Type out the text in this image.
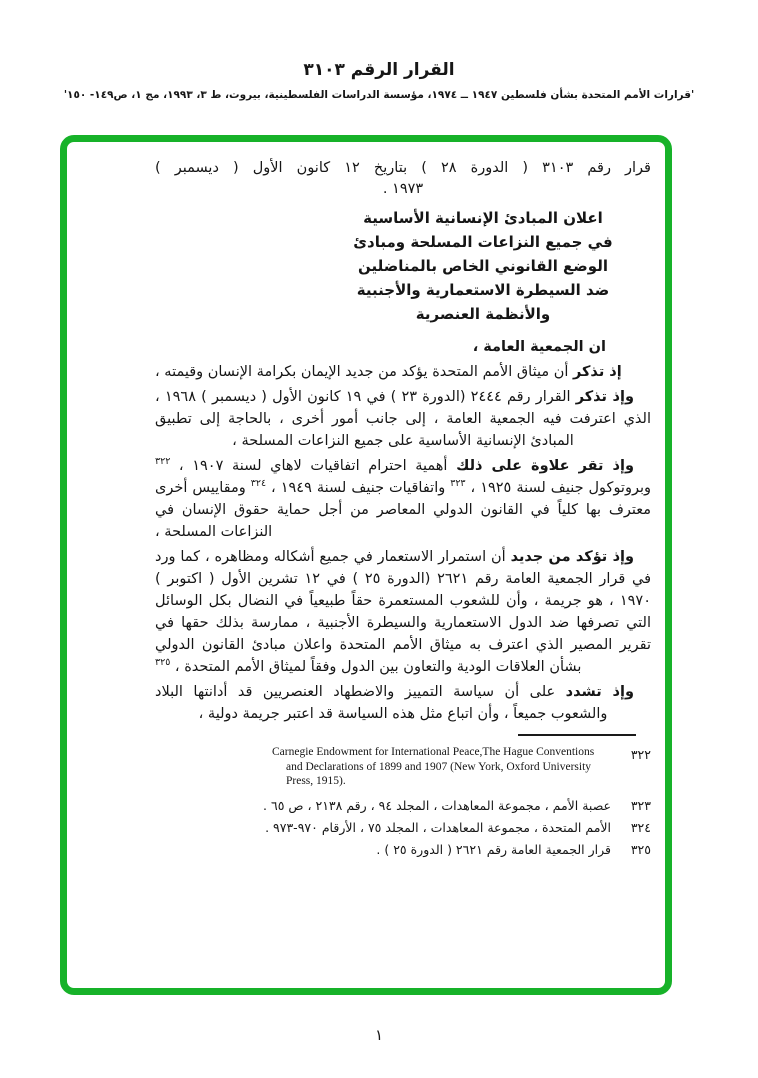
القرار الرقم ٣١٠٣
'قرارات الأمم المتحدة بشأن فلسطين ١٩٤٧ ــ ١٩٧٤، مؤسسة الدراسات الفلسطينية، بيروت، ط ٣، ١٩٩٣، مج ١، ص١٤٩- ١٥٠'
قرار رقم ٣١٠٣ ( الدورة ٢٨ ) بتاريخ ١٢ كانون الأول ( ديسمبر )
١٩٧٣ .
اعلان المبادئ الإنسانية الأساسية
في جميع النزاعات المسلحة ومبادئ
الوضع القانوني الخاص بالمناضلين
ضد السيطرة الاستعمارية والأجنبية
والأنظمة العنصرية
ان الجمعية العامة ،
إذ تذكر أن ميثاق الأمم المتحدة يؤكد من جديد الإيمان بكرامة الإنسان وقيمته ،
وإذ تذكر القرار رقم ٢٤٤٤ (الدورة ٢٣ ) في ١٩ كانون الأول ( ديسمبر ) ١٩٦٨ ، الذي اعترفت فيه الجمعية العامة ، إلى جانب أمور أخرى ، بالحاجة إلى تطبيق المبادئ الإنسانية الأساسية على جميع النزاعات المسلحة ،
وإذ تقر علاوة على ذلك أهمية احترام اتفاقيات لاهاي لسنة ١٩٠٧ ، $^{٣٢٢}$ وبروتوكول جنيف لسنة ١٩٢٥ ، $^{٣٢٣}$ واتفاقيات جنيف لسنة ١٩٤٩ ، $^{٣٢٤}$ ومقاييس أخرى معترف بها كلياً في القانون الدولي المعاصر من أجل حماية حقوق الإنسان في النزاعات المسلحة ،
وإذ تؤكد من جديد أن استمرار الاستعمار في جميع أشكاله ومظاهره ، كما ورد في قرار الجمعية العامة رقم ٢٦٢١ (الدورة ٢٥ ) في ١٢ تشرين الأول ( اكتوبر ) ١٩٧٠ ، هو جريمة ، وأن للشعوب المستعمرة حقاً طبيعياً في النضال بكل الوسائل التي تصرفها ضد الدول الاستعمارية والسيطرة الأجنبية ، ممارسة بذلك حقها في تقرير المصير الذي اعترف به ميثاق الأمم المتحدة واعلان مبادئ القانون الدولي بشأن العلاقات الودية والتعاون بين الدول وفقاً لميثاق الأمم المتحدة ، $^{٣٢٥}$
وإذ تشدد على أن سياسة التمييز والاضطهاد العنصريين قد أدانتها البلاد والشعوب جميعاً ، وأن اتباع مثل هذه السياسة قد اعتبر جريمة دولية ،
٣٢٢
Carnegie Endowment for International Peace,The Hague Conventions and Declarations of 1899 and 1907 (New York, Oxford University Press, 1915).
٣٢٣
عصبة الأمم ، مجموعة المعاهدات ، المجلد ٩٤ ، رقم ٢١٣٨ ، ص ٦٥ .
٣٢٤
الأمم المتحدة ، مجموعة المعاهدات ، المجلد ٧٥ ، الأرقام ٩٧٠-٩٧٣ .
٣٢٥
قرار الجمعية العامة رقم ٢٦٢١ ( الدورة ٢٥ ) .
١
